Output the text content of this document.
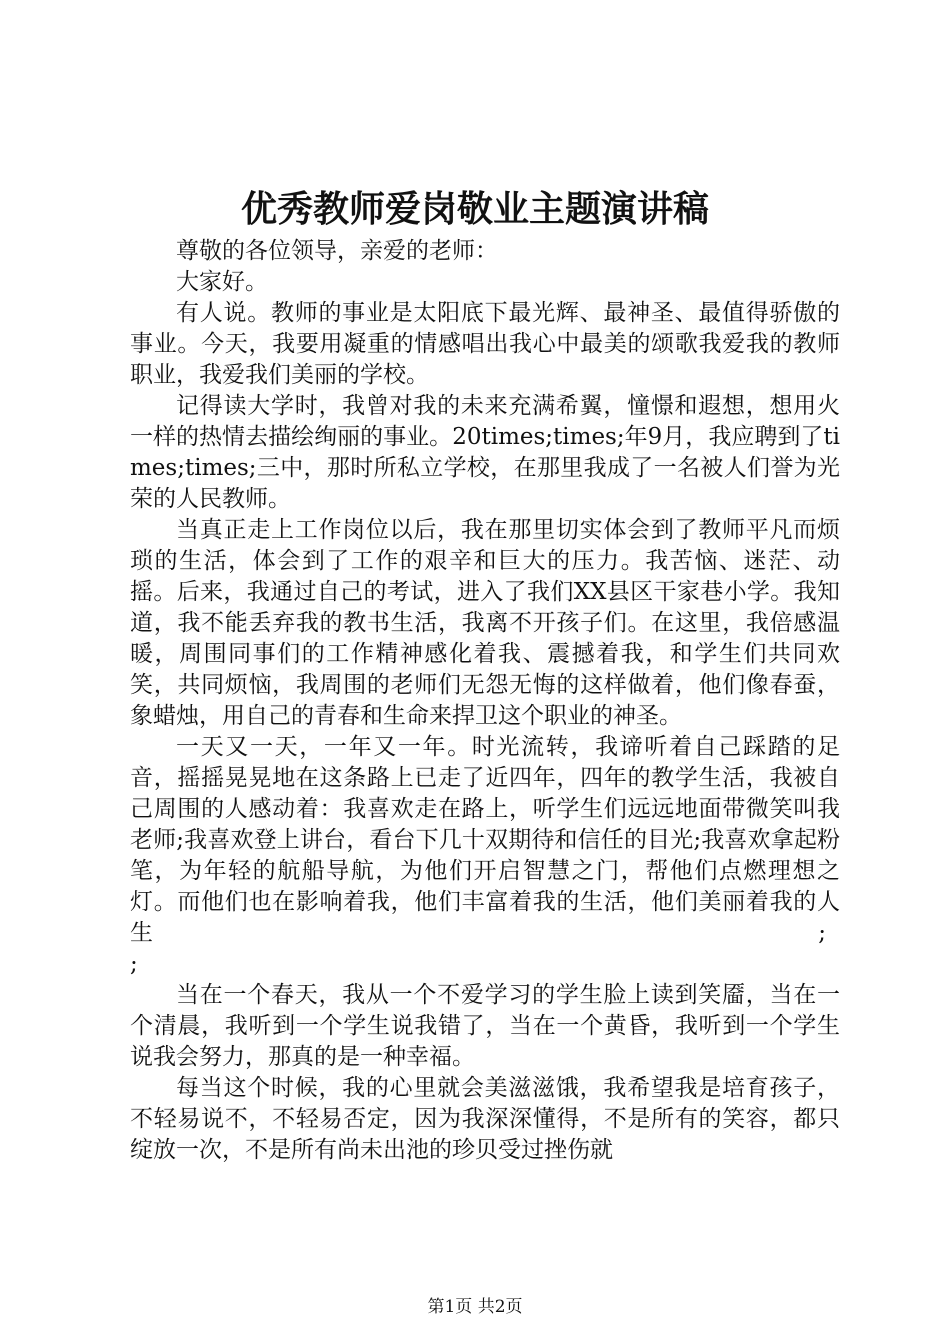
优秀教师爱岗敬业主题演讲稿

尊敬的各位领导，亲爱的老师：

大家好。

有人说。教师的事业是太阳底下最光辉、最神圣、最值得骄傲的事业。今天，我要用凝重的情感唱出我心中最美的颂歌我爱我的教师职业，我爱我们美丽的学校。

记得读大学时，我曾对我的未来充满希翼，憧憬和遐想，想用火一样的热情去描绘绚丽的事业。20times;times;年9月，我应聘到了times;times;三中，那时所私立学校，在那里我成了一名被人们誉为光荣的人民教师。

当真正走上工作岗位以后，我在那里切实体会到了教师平凡而烦琐的生活，体会到了工作的艰辛和巨大的压力。我苦恼、迷茫、动摇。后来，我通过自己的考试，进入了我们XX县区干家巷小学。我知道，我不能丢弃我的教书生活，我离不开孩子们。在这里，我倍感温暖，周围同事们的工作精神感化着我、震撼着我，和学生们共同欢笑，共同烦恼，我周围的老师们无怨无悔的这样做着，他们像春蚕，象蜡烛，用自己的青春和生命来捍卫这个职业的神圣。

一天又一天，一年又一年。时光流转，我谛听着自己踩踏的足音，摇摇晃晃地在这条路上已走了近四年，四年的教学生活，我被自己周围的人感动着：我喜欢走在路上，听学生们远远地面带微笑叫我老师;我喜欢登上讲台，看台下几十双期待和信任的目光;我喜欢拿起粉笔，为年轻的航船导航，为他们开启智慧之门，帮他们点燃理想之灯。而他们也在影响着我，他们丰富着我的生活，他们美丽着我的人生	;
;

当在一个春天，我从一个不爱学习的学生脸上读到笑靥，当在一个清晨，我听到一个学生说我错了，当在一个黄昏，我听到一个学生说我会努力，那真的是一种幸福。

每当这个时候，我的心里就会美滋滋饿，我希望我是培育孩子，不轻易说不，不轻易否定，因为我深深懂得，不是所有的笑容，都只绽放一次，不是所有尚未出池的珍贝受过挫伤就

第1页 共2页
